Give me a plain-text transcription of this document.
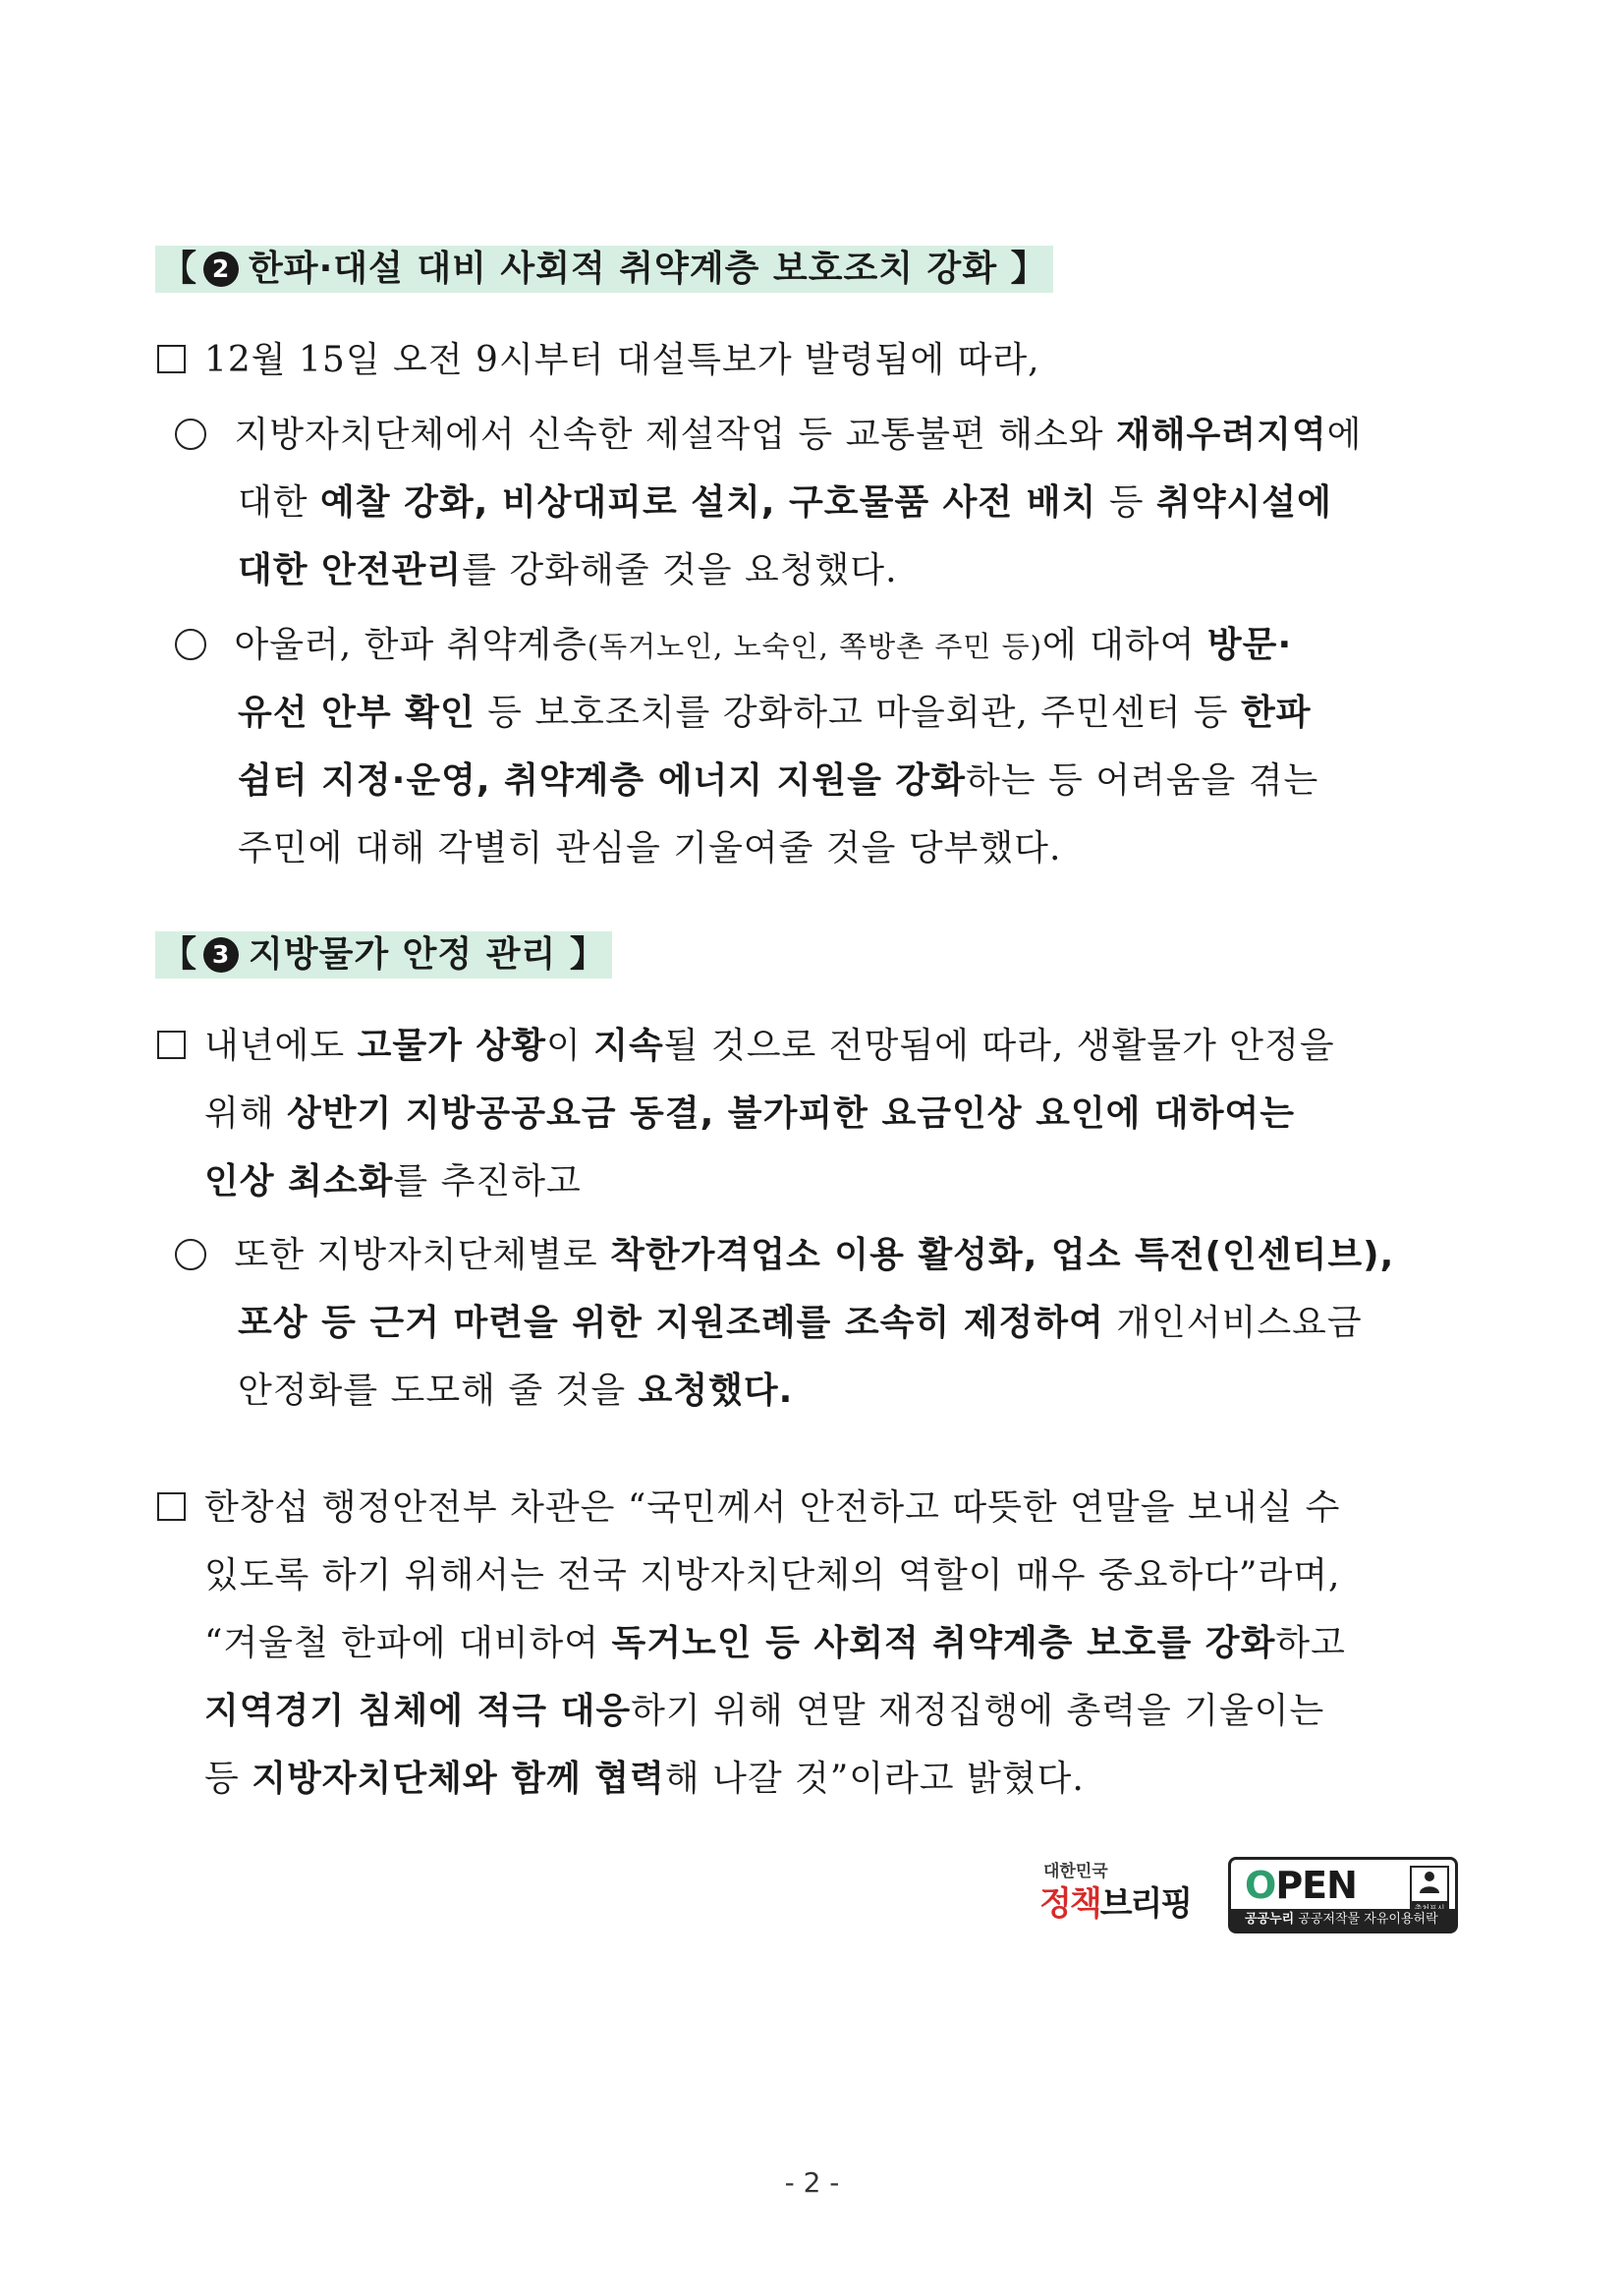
【 2 한파·대설 대비 사회적 취약계층 보호조치 강화 】
12월 15일 오전 9시부터 대설특보가 발령됨에 따라,
지방자치단체에서 신속한 제설작업 등 교통불편 해소와 재해우려지역에
대한 예찰 강화, 비상대피로 설치, 구호물품 사전 배치 등 취약시설에
대한 안전관리를 강화해줄 것을 요청했다.
아울러, 한파 취약계층(독거노인, 노숙인, 쪽방촌 주민 등)에 대하여 방문·
유선 안부 확인 등 보호조치를 강화하고 마을회관, 주민센터 등 한파
쉼터 지정·운영, 취약계층 에너지 지원을 강화하는 등 어려움을 겪는
주민에 대해 각별히 관심을 기울여줄 것을 당부했다.
【 3 지방물가 안정 관리 】
내년에도 고물가 상황이 지속될 것으로 전망됨에 따라, 생활물가 안정을
위해 상반기 지방공공요금 동결, 불가피한 요금인상 요인에 대하여는
인상 최소화를 추진하고
또한 지방자치단체별로 착한가격업소 이용 활성화, 업소 특전(인센티브),
포상 등 근거 마련을 위한 지원조례를 조속히 제정하여 개인서비스요금
안정화를 도모해 줄 것을 요청했다.
한창섭 행정안전부 차관은 “국민께서 안전하고 따뜻한 연말을 보내실 수
있도록 하기 위해서는 전국 지방자치단체의 역할이 매우 중요하다”라며,
“겨울철 한파에 대비하여 독거노인 등 사회적 취약계층 보호를 강화하고
지역경기 침체에 적극 대응하기 위해 연말 재정집행에 총력을 기울이는
등 지방자치단체와 함께 협력해 나갈 것”이라고 밝혔다.
대한민국
정책브리핑 OPEN
공공누리 공공저작물 자유이용허락
- 2 -
